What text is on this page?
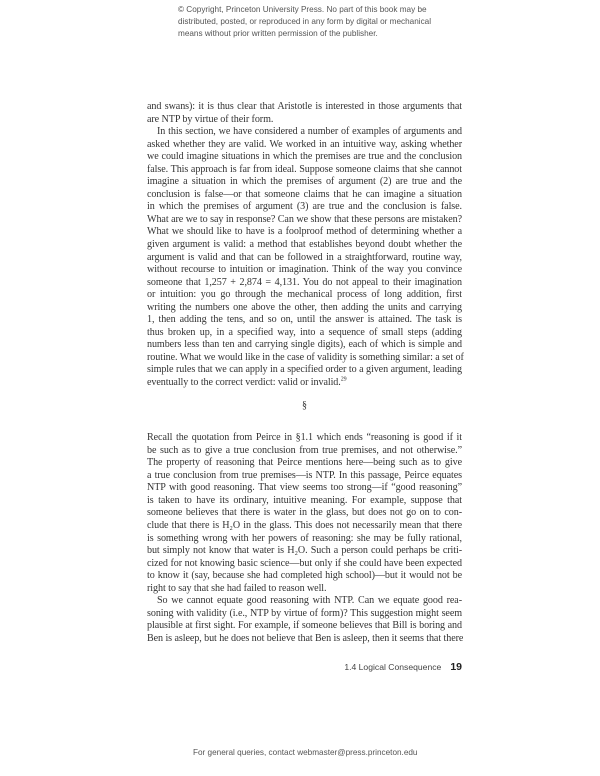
© Copyright, Princeton University Press. No part of this book may be
distributed, posted, or reproduced in any form by digital or mechanical
means without prior written permission of the publisher.
and swans): it is thus clear that Aristotle is interested in those arguments that
are NTP by virtue of their form.
In this section, we have considered a number of examples of arguments and
asked whether they are valid. We worked in an intuitive way, asking whether
we could imagine situations in which the premises are true and the conclusion
false. This approach is far from ideal. Suppose someone claims that she cannot
imagine a situation in which the premises of argument (2) are true and the
conclusion is false—or that someone claims that he can imagine a situation
in which the premises of argument (3) are true and the conclusion is false.
What are we to say in response? Can we show that these persons are mistaken?
What we should like to have is a foolproof method of determining whether a
given argument is valid: a method that establishes beyond doubt whether the
argument is valid and that can be followed in a straightforward, routine way,
without recourse to intuition or imagination. Think of the way you convince
someone that 1,257 + 2,874 = 4,131. You do not appeal to their imagination
or intuition: you go through the mechanical process of long addition, first
writing the numbers one above the other, then adding the units and carrying
1, then adding the tens, and so on, until the answer is attained. The task is
thus broken up, in a specified way, into a sequence of small steps (adding
numbers less than ten and carrying single digits), each of which is simple and
routine. What we would like in the case of validity is something similar: a set of
simple rules that we can apply in a specified order to a given argument, leading
eventually to the correct verdict: valid or invalid.$^{29}$
§
Recall the quotation from Peirce in §1.1 which ends “reasoning is good if it
be such as to give a true conclusion from true premises, and not otherwise.”
The property of reasoning that Peirce mentions here—being such as to give
a true conclusion from true premises—is NTP. In this passage, Peirce equates
NTP with good reasoning. That view seems too strong—if “good reasoning”
is taken to have its ordinary, intuitive meaning. For example, suppose that
someone believes that there is water in the glass, but does not go on to con-
clude that there is H₂O in the glass. This does not necessarily mean that there
is something wrong with her powers of reasoning: she may be fully rational,
but simply not know that water is H₂O. Such a person could perhaps be criti-
cized for not knowing basic science—but only if she could have been expected
to know it (say, because she had completed high school)—but it would not be
right to say that she had failed to reason well.
So we cannot equate good reasoning with NTP. Can we equate good rea-
soning with validity (i.e., NTP by virtue of form)? This suggestion might seem
plausible at first sight. For example, if someone believes that Bill is boring and
Ben is asleep, but he does not believe that Ben is asleep, then it seems that there
1.4 Logical Consequence 19
For general queries, contact webmaster@press.princeton.edu
